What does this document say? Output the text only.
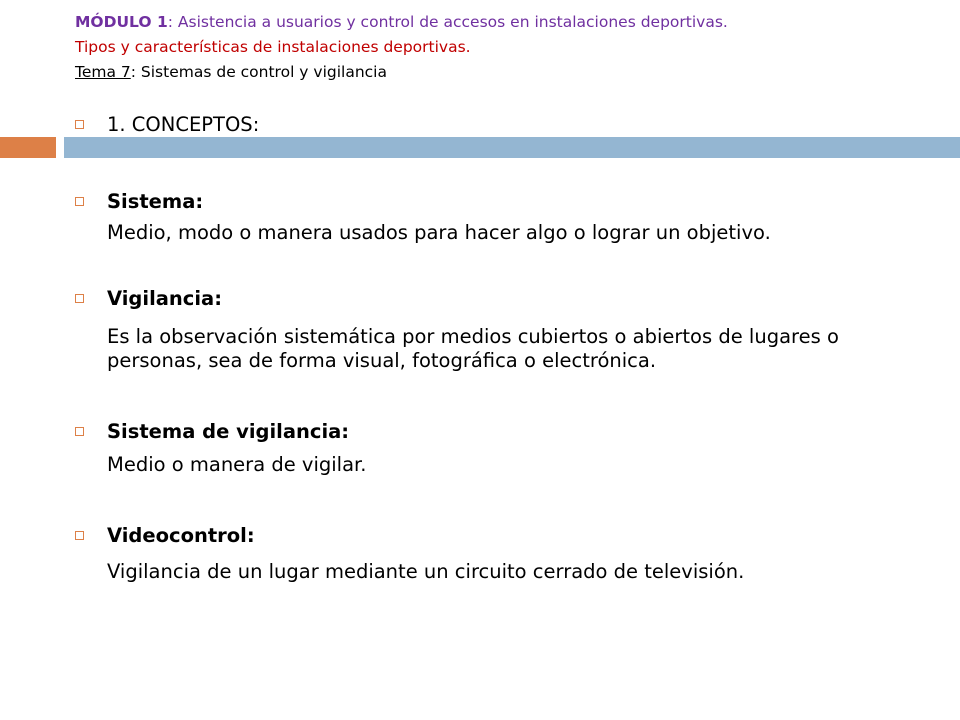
MÓDULO 1: Asistencia a usuarios y control de accesos en instalaciones deportivas.
Tipos y características de instalaciones deportivas.
Tema 7: Sistemas de control y vigilancia
1. CONCEPTOS:
Sistema:
Medio, modo o manera usados para hacer algo o lograr un objetivo.
Vigilancia:
Es la observación sistemática por medios cubiertos o abiertos de lugares o personas, sea de forma visual, fotográfica o electrónica.
Sistema de vigilancia:
Medio o manera de vigilar.
Videocontrol:
Vigilancia de un lugar mediante un circuito cerrado de televisión.
